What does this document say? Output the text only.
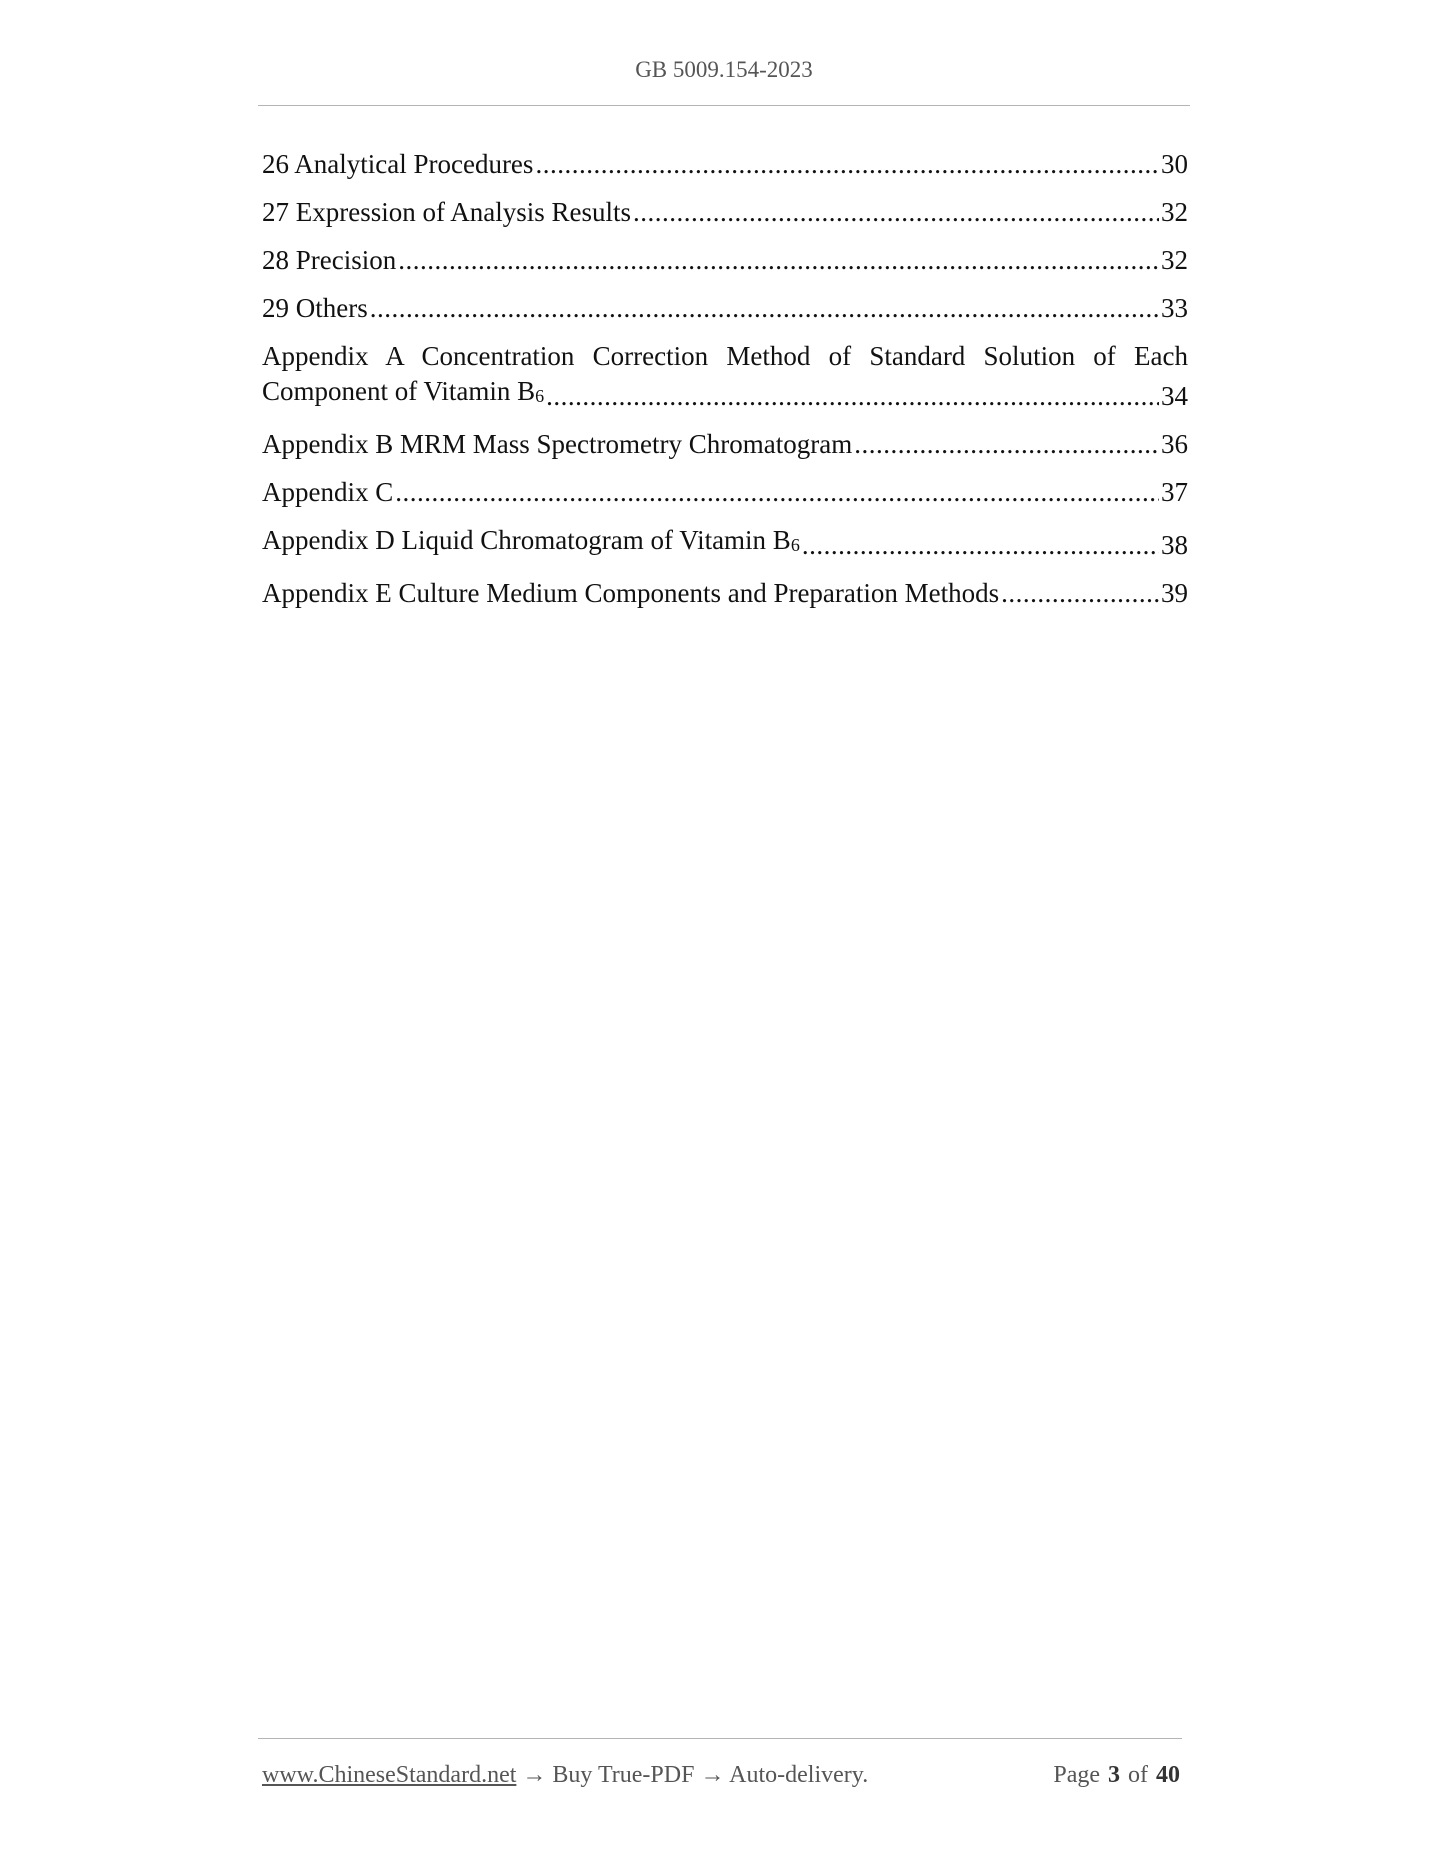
GB 5009.154-2023
26 Analytical Procedures .....	30
27 Expression of Analysis Results .....	32
28 Precision .....	32
29 Others .....	33
Appendix A Concentration Correction Method of Standard Solution of Each
Component of Vitamin B6 .....	34
Appendix B MRM Mass Spectrometry Chromatogram .....	36
Appendix C .....	37
Appendix D Liquid Chromatogram of Vitamin B6 .....	38
Appendix E Culture Medium Components and Preparation Methods .....	39
www.ChineseStandard.net → Buy True-PDF → Auto-delivery.	Page 3 of 40
